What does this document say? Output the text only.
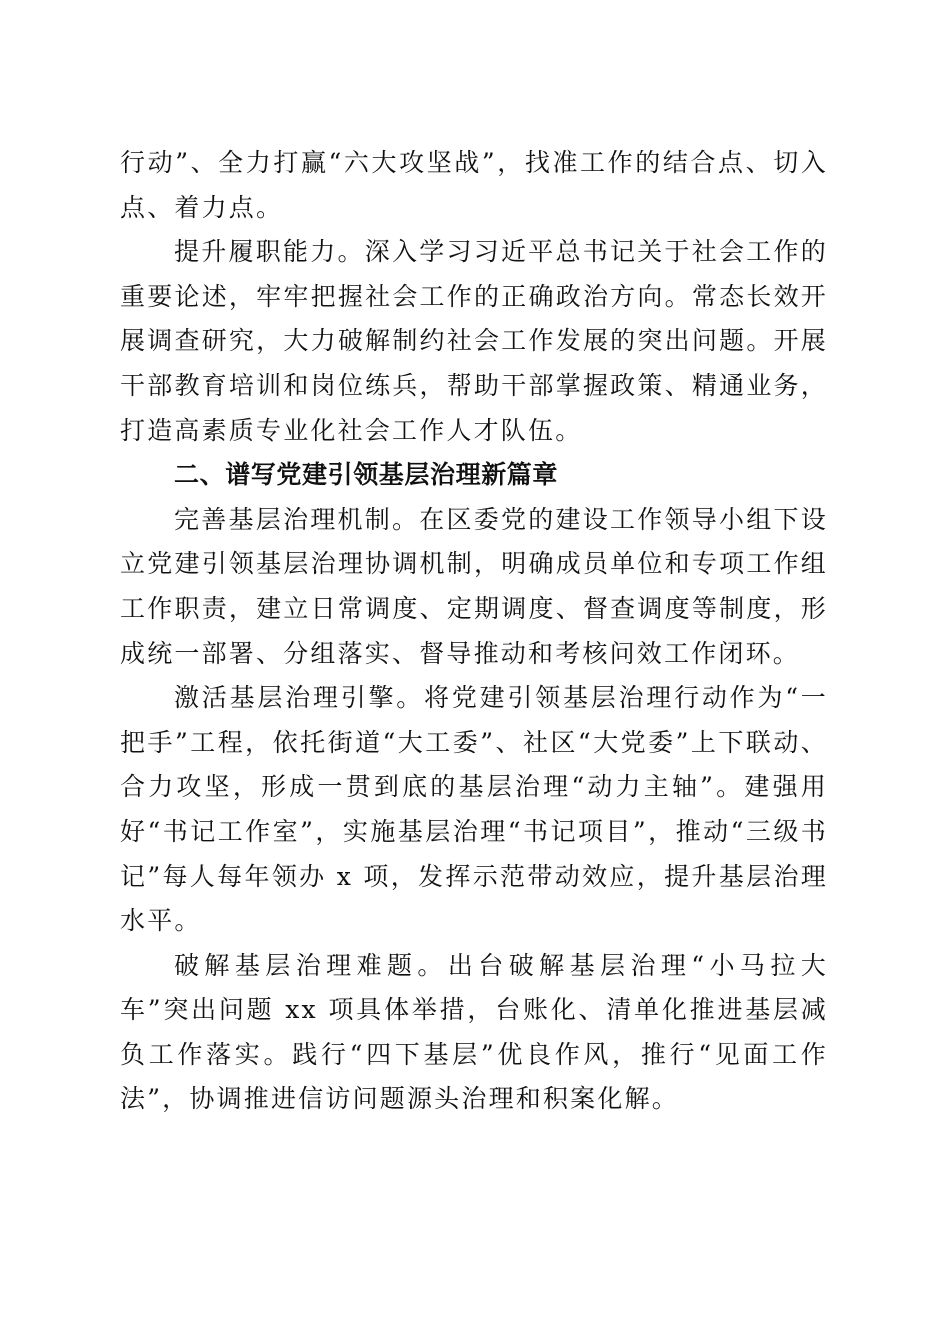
行动”、全力打赢“六大攻坚战”，找准工作的结合点、切入点、着力点。

提升履职能力。深入学习习近平总书记关于社会工作的重要论述，牢牢把握社会工作的正确政治方向。常态长效开展调查研究，大力破解制约社会工作发展的突出问题。开展干部教育培训和岗位练兵，帮助干部掌握政策、精通业务，打造高素质专业化社会工作人才队伍。

二、谱写党建引领基层治理新篇章

完善基层治理机制。在区委党的建设工作领导小组下设立党建引领基层治理协调机制，明确成员单位和专项工作组工作职责，建立日常调度、定期调度、督查调度等制度，形成统一部署、分组落实、督导推动和考核问效工作闭环。

激活基层治理引擎。将党建引领基层治理行动作为“一把手”工程，依托街道“大工委”、社区“大党委”上下联动、合力攻坚，形成一贯到底的基层治理“动力主轴”。建强用好“书记工作室”，实施基层治理“书记项目”，推动“三级书记”每人每年领办 x 项，发挥示范带动效应，提升基层治理水平。

破解基层治理难题。出台破解基层治理“小马拉大车”突出问题 xx 项具体举措，台账化、清单化推进基层减负工作落实。践行“四下基层”优良作风，推行“见面工作法”，协调推进信访问题源头治理和积案化解。
